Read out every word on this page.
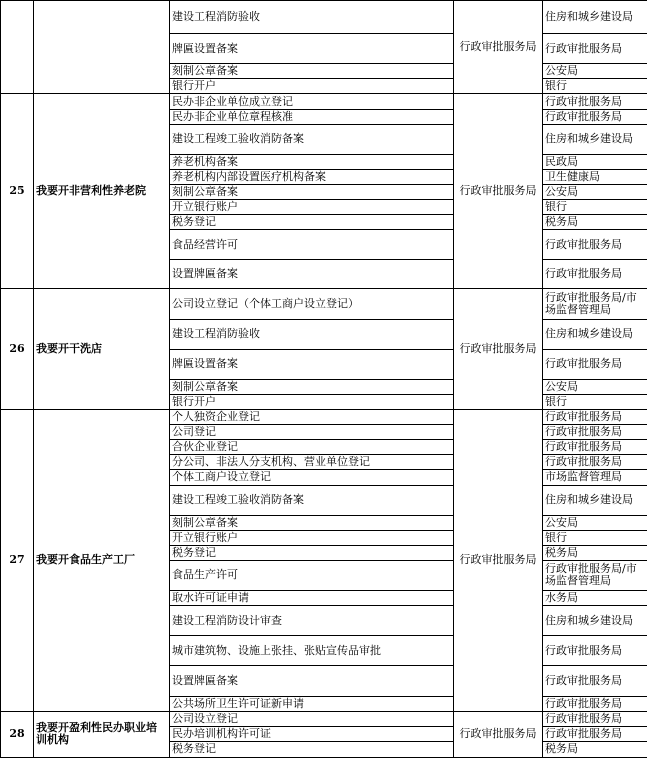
		建设工程消防验收	行政审批服务局	住房和城乡建设局
		牌匾设置备案		行政审批服务局
		刻制公章备案		公安局
		银行开户		银行
25	我要开非营利性养老院	民办非企业单位成立登记	行政审批服务局	行政审批服务局
		民办非企业单位章程核准		行政审批服务局
		建设工程竣工验收消防备案		住房和城乡建设局
		养老机构备案		民政局
		养老机构内部设置医疗机构备案		卫生健康局
		刻制公章备案		公安局
		开立银行账户		银行
		税务登记		税务局
		食品经营许可		行政审批服务局
		设置牌匾备案		行政审批服务局
26	我要开干洗店	公司设立登记（个体工商户设立登记）	行政审批服务局	行政审批服务局/市场监督管理局
		建设工程消防验收		住房和城乡建设局
		牌匾设置备案		行政审批服务局
		刻制公章备案		公安局
		银行开户		银行
27	我要开食品生产工厂	个人独资企业登记	行政审批服务局	行政审批服务局
		公司登记		行政审批服务局
		合伙企业登记		行政审批服务局
		分公司、非法人分支机构、营业单位登记		行政审批服务局
		个体工商户设立登记		市场监督管理局
		建设工程竣工验收消防备案		住房和城乡建设局
		刻制公章备案		公安局
		开立银行账户		银行
		税务登记		税务局
		食品生产许可		行政审批服务局/市场监督管理局
		取水许可证申请		水务局
		建设工程消防设计审查		住房和城乡建设局
		城市建筑物、设施上张挂、张贴宣传品审批		行政审批服务局
		设置牌匾备案		行政审批服务局
		公共场所卫生许可证新申请		行政审批服务局
28	我要开盈利性民办职业培训机构	公司设立登记	行政审批服务局	行政审批服务局
		民办培训机构许可证		行政审批服务局
		税务登记		税务局
